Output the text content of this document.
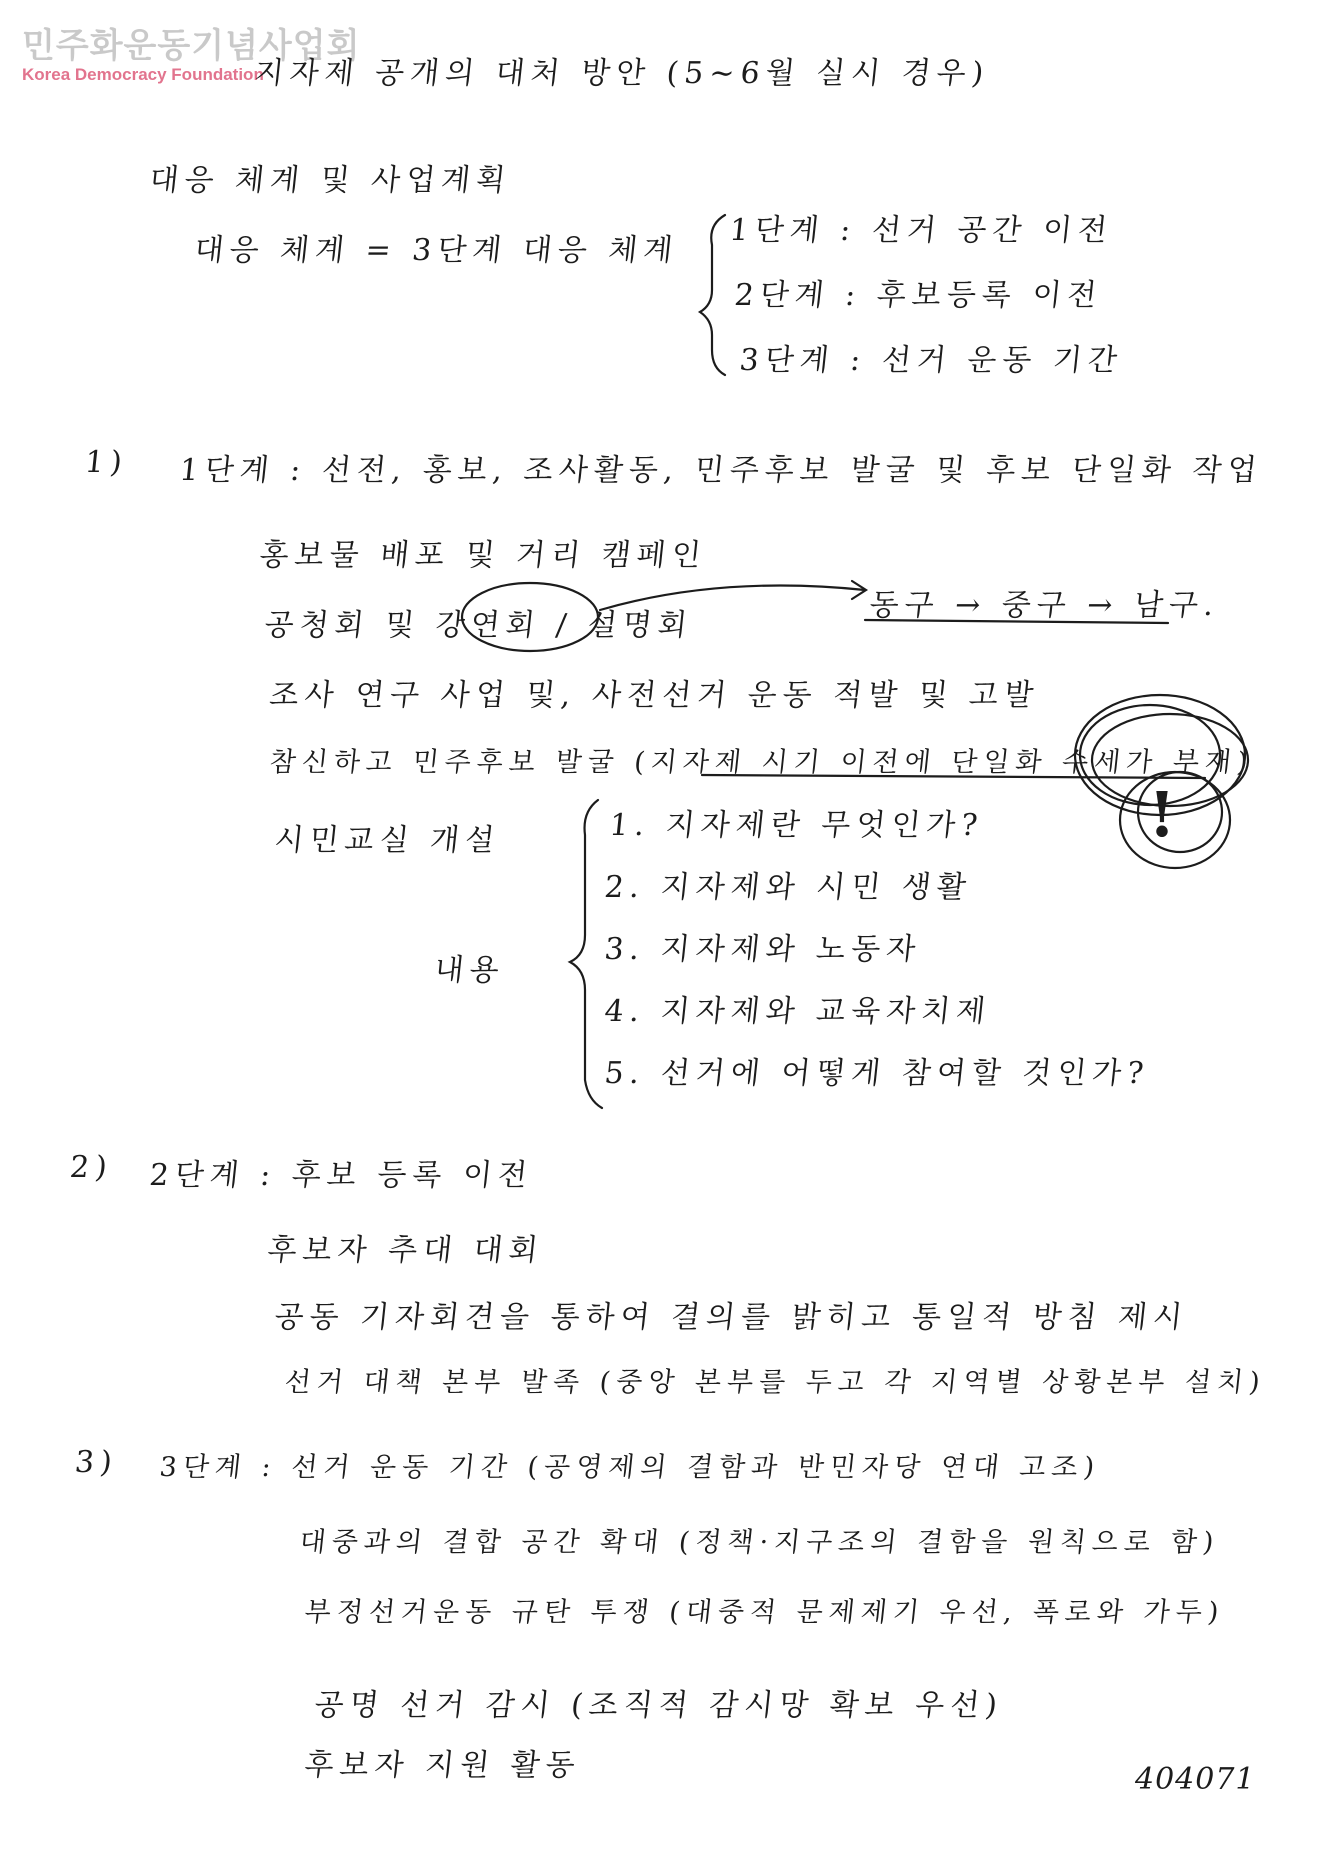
민주화운동기념사업회
Korea Democracy Foundation
지자제 공개의 대처 방안 (5~6월 실시 경우)
대응 체계 및 사업계획
대응 체계 = 3단계 대응 체계
1단계 : 선거 공간 이전
2단계 : 후보등록 이전
3단계 : 선거 운동 기간
1) 1단계 : 선전, 홍보, 조사활동, 민주후보 발굴 및 후보 단일화 작업
홍보물 배포 및 거리 캠페인
공청회 및 강연회 / 설명회
동구 → 중구 → 남구.
조사 연구 사업 및, 사전선거 운동 적발 및 고발
참신하고 민주후보 발굴 (지자제 시기 이전에 단일화 수세가 부재)
시민교실 개설
내용
1. 지자제란 무엇인가?
2. 지자제와 시민 생활
3. 지자제와 노동자
4. 지자제와 교육자치제
5. 선거에 어떻게 참여할 것인가?
2) 2단계 : 후보 등록 이전
후보자 추대 대회
공동 기자회견을 통하여 결의를 밝히고 통일적 방침 제시
선거 대책 본부 발족 (중앙 본부를 두고 각 지역별 상황본부 설치)
3) 3단계 : 선거 운동 기간 (공영제의 결함과 반민자당 연대 고조)
대중과의 결합 공간 확대 (정책·지구조의 결함을 원칙으로 함)
부정선거운동 규탄 투쟁 (대중적 문제제기 우선, 폭로와 가두)
공명 선거 감시 (조직적 감시망 확보 우선)
후보자 지원 활동	404071
!
